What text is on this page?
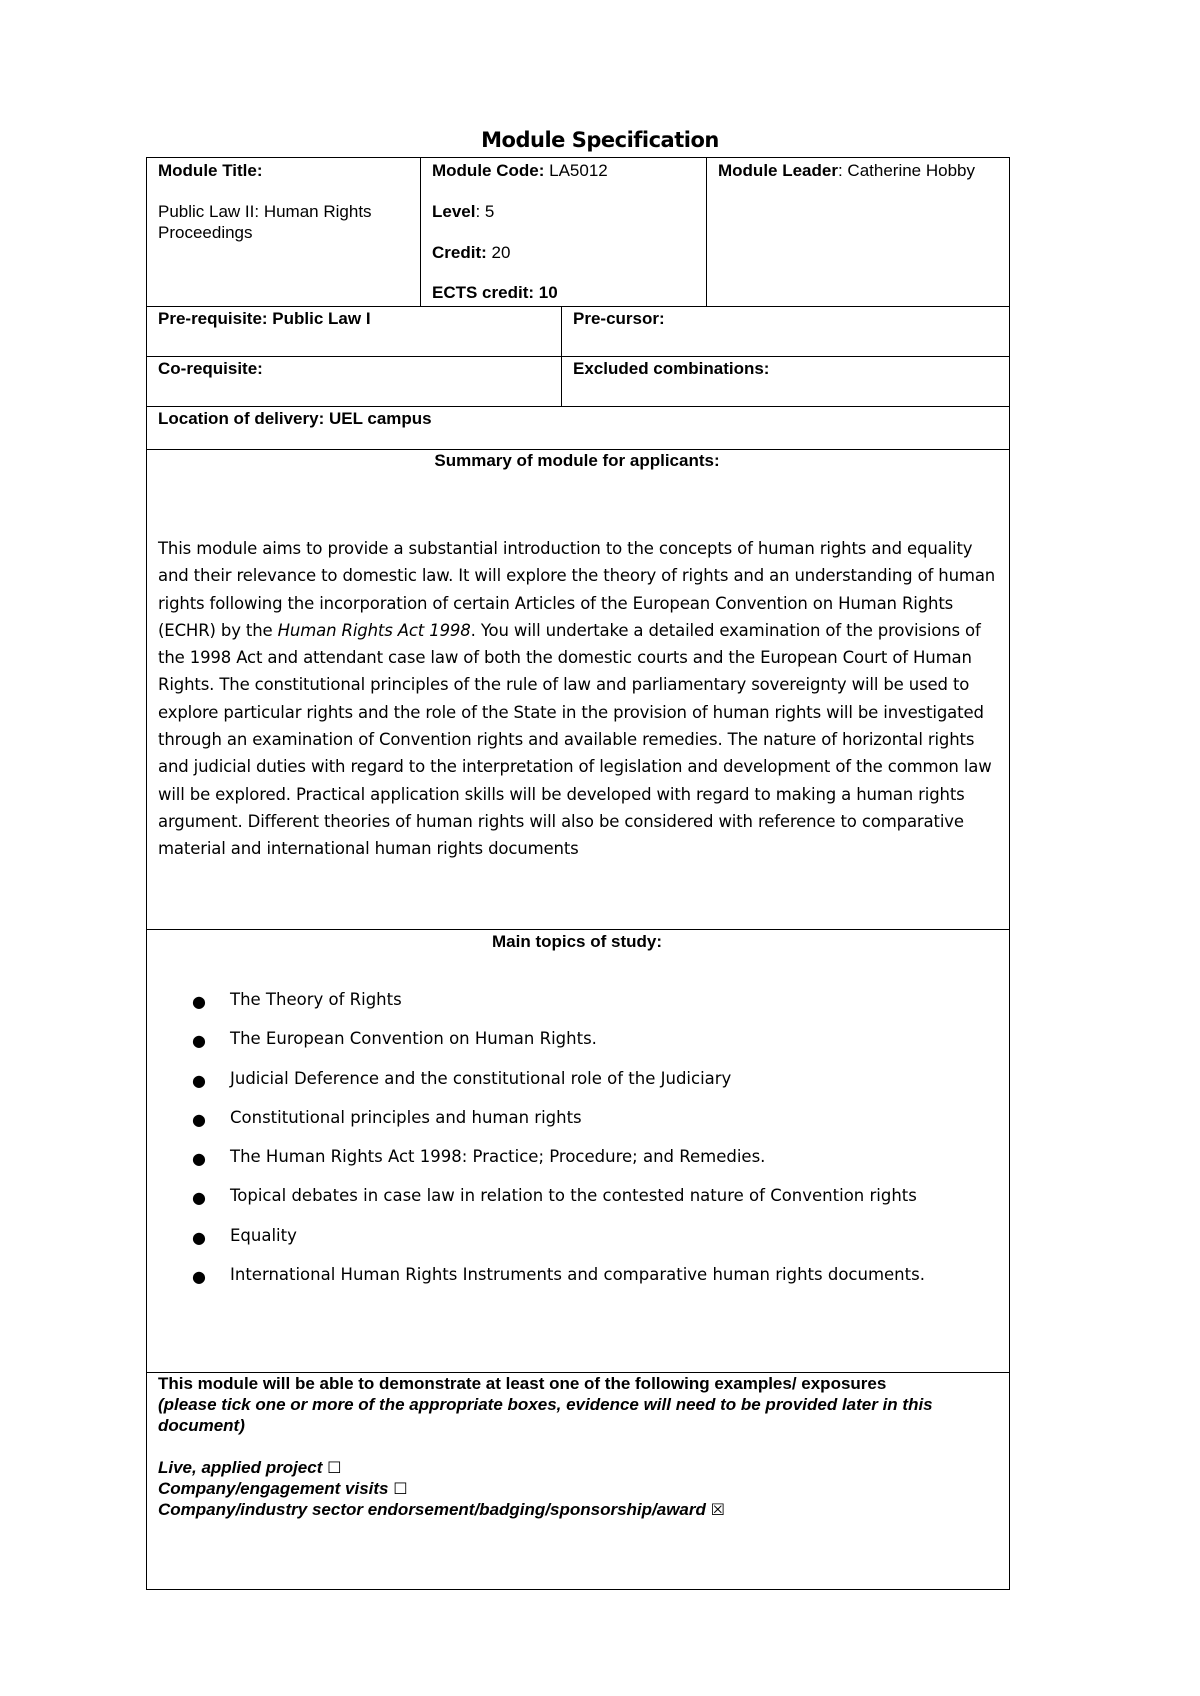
Module Specification
Module Title:
Public Law II: Human Rights Proceedings
Module Code: LA5012
Level: 5
Credit: 20
ECTS credit: 10
Module Leader: Catherine Hobby
Pre-requisite: Public Law I	Pre-cursor:
Co-requisite:	Excluded combinations:
Location of delivery: UEL campus
Summary of module for applicants:
This module aims to provide a substantial introduction to the concepts of human rights and equality and their relevance to domestic law. It will explore the theory of rights and an understanding of human rights following the incorporation of certain Articles of the European Convention on Human Rights (ECHR) by the Human Rights Act 1998. You will undertake a detailed examination of the provisions of the 1998 Act and attendant case law of both the domestic courts and the European Court of Human Rights. The constitutional principles of the rule of law and parliamentary sovereignty will be used to explore particular rights and the role of the State in the provision of human rights will be investigated through an examination of Convention rights and available remedies. The nature of horizontal rights and judicial duties with regard to the interpretation of legislation and development of the common law will be explored. Practical application skills will be developed with regard to making a human rights argument. Different theories of human rights will also be considered with reference to comparative material and international human rights documents
Main topics of study:
● The Theory of Rights
● The European Convention on Human Rights.
● Judicial Deference and the constitutional role of the Judiciary
● Constitutional principles and human rights
● The Human Rights Act 1998: Practice; Procedure; and Remedies.
● Topical debates in case law in relation to the contested nature of Convention rights
● Equality
● International Human Rights Instruments and comparative human rights documents.
This module will be able to demonstrate at least one of the following examples/ exposures
(please tick one or more of the appropriate boxes, evidence will need to be provided later in this document)
Live, applied project ☐
Company/engagement visits ☐
Company/industry sector endorsement/badging/sponsorship/award ☒
